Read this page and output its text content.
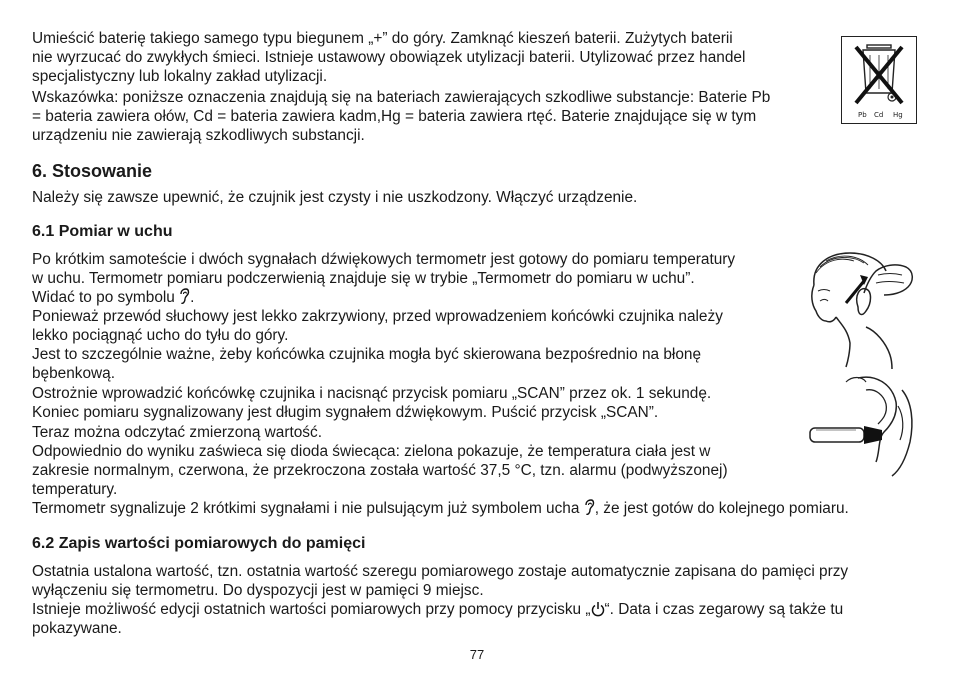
Umieścić baterię takiego samego typu biegunem „+” do góry. Zamknąć kieszeń baterii. Zużytych baterii
nie wyrzucać do zwykłych śmieci. Istnieje ustawowy obowiązek utylizacji baterii. Utylizować przez handel
specjalistyczny lub lokalny zakład utylizacji.
Wskazówka: poniższe oznaczenia znajdują się na bateriach zawierających szkodliwe substancje: Baterie Pb
= bateria zawiera ołów, Cd = bateria zawiera kadm,Hg = bateria zawiera rtęć. Baterie znajdujące się w tym
urządzeniu nie zawierają szkodliwych substancji.
Pb Cd Hg
6. Stosowanie
Należy się zawsze upewnić, że czujnik jest czysty i nie uszkodzony. Włączyć urządzenie.
6.1 Pomiar w uchu
Po krótkim samoteście i dwóch sygnałach dźwiękowych termometr jest gotowy do pomiaru temperatury
w uchu. Termometr pomiaru podczerwienią znajduje się w trybie „Termometr do pomiaru w uchu”.
Widać to po symbolu .
Ponieważ przewód słuchowy jest lekko zakrzywiony, przed wprowadzeniem końcówki czujnika należy
lekko pociągnąć ucho do tyłu do góry.
Jest to szczególnie ważne, żeby końcówka czujnika mogła być skierowana bezpośrednio na błonę
bębenkową.
Ostrożnie wprowadzić końcówkę czujnika i nacisnąć przycisk pomiaru „SCAN” przez ok. 1 sekundę.
Koniec pomiaru sygnalizowany jest długim sygnałem dźwiękowym. Puścić przycisk „SCAN”.
Teraz można odczytać zmierzoną wartość.
Odpowiednio do wyniku zaświeca się dioda świecąca: zielona pokazuje, że temperatura ciała jest w
zakresie normalnym, czerwona, że przekroczona została wartość 37,5 °C, tzn. alarmu (podwyższonej)
temperatury.
Termometr sygnalizuje 2 krótkimi sygnałami i nie pulsującym już symbolem ucha , że jest gotów do kolejnego pomiaru.
6.2 Zapis wartości pomiarowych do pamięci
Ostatnia ustalona wartość, tzn. ostatnia wartość szeregu pomiarowego zostaje automatycznie zapisana do pamięci przy
wyłączeniu się termometru. Do dyspozycji jest w pamięci 9 miejsc.
Istnieje możliwość edycji ostatnich wartości pomiarowych przy pomocy przycisku „ “. Data i czas zegarowy są także tu
pokazywane.
77
